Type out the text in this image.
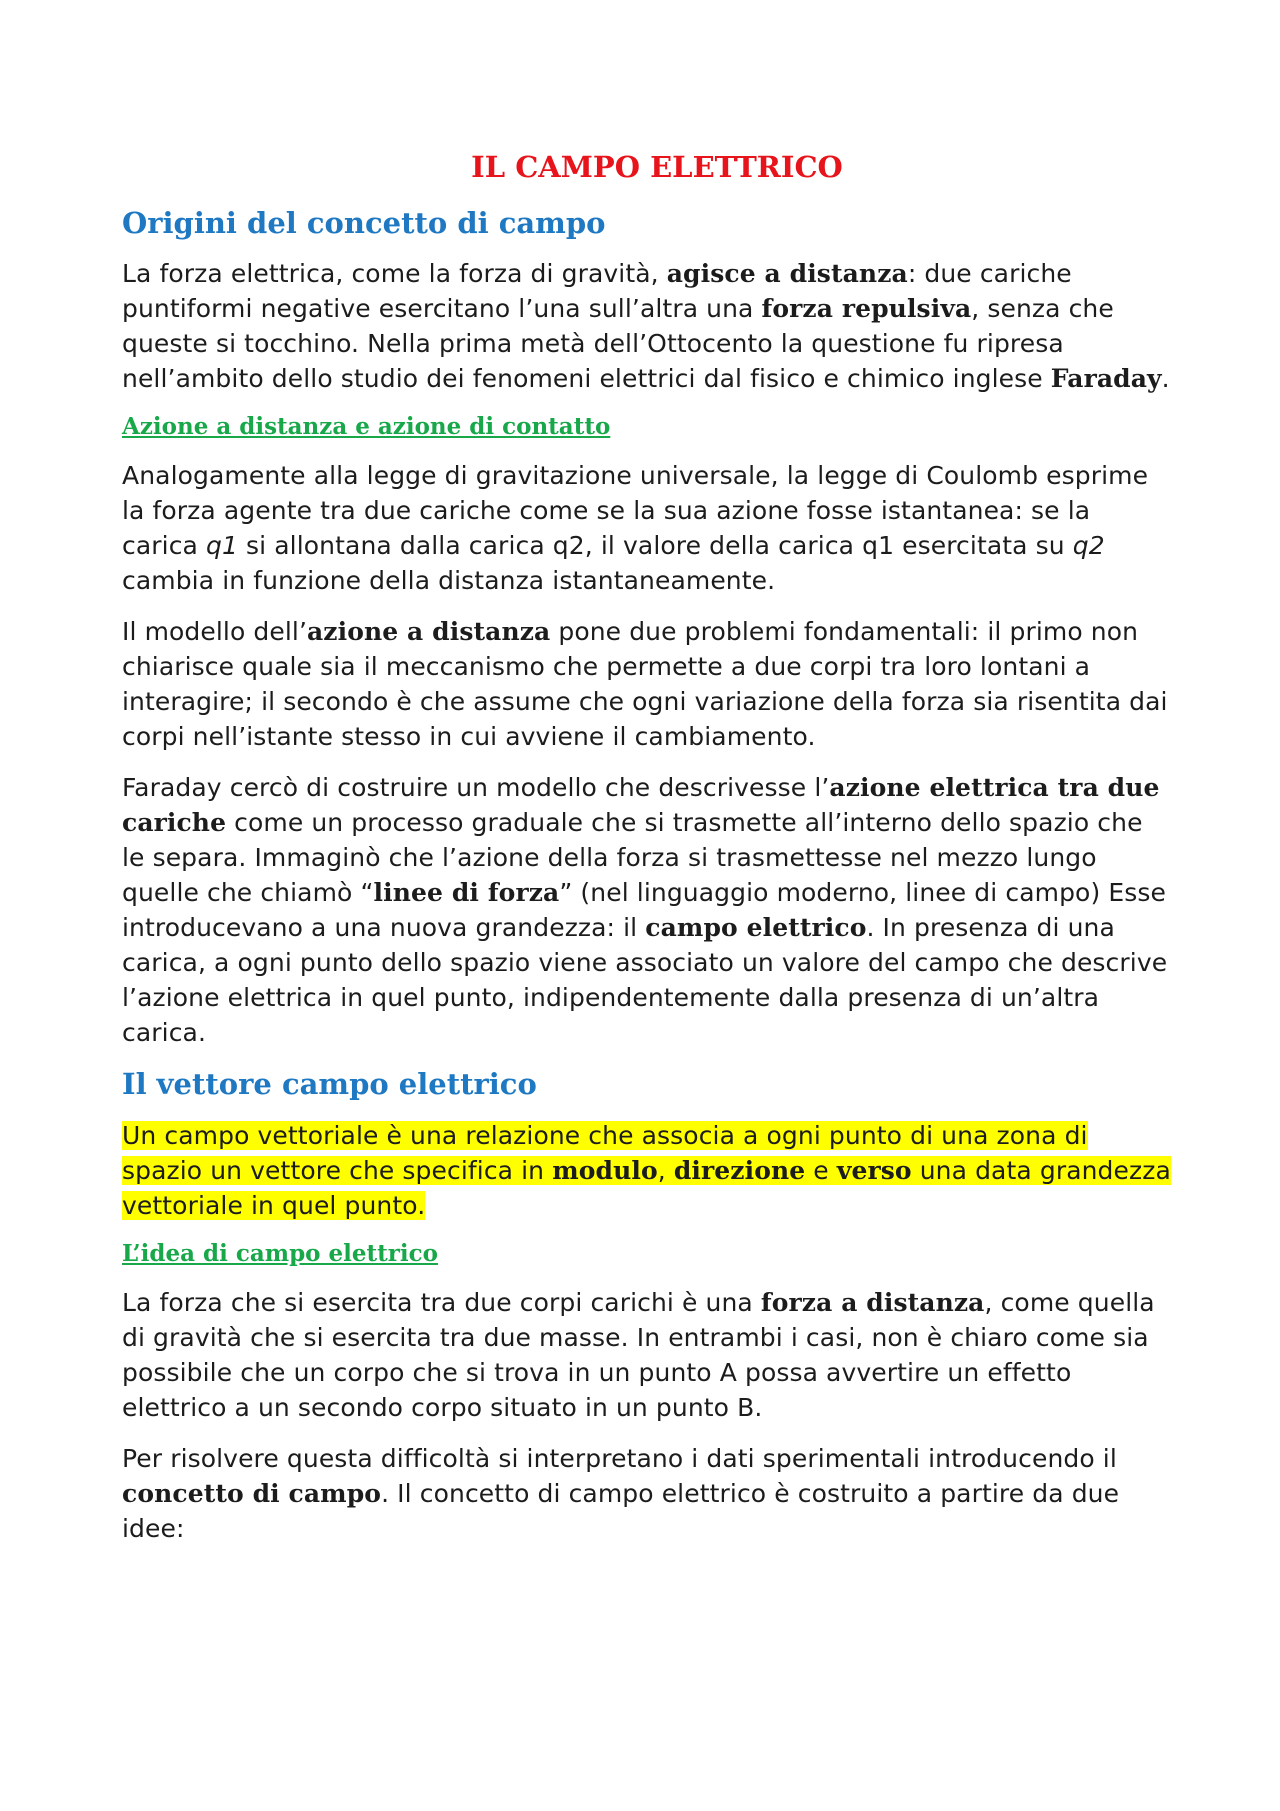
IL CAMPO ELETTRICO
Origini del concetto di campo

La forza elettrica, come la forza di gravità, agisce a distanza: due cariche puntiformi negative esercitano l’una sull’altra una forza repulsiva, senza che queste si tocchino. Nella prima metà dell’Ottocento la questione fu ripresa nell’ambito dello studio dei fenomeni elettrici dal fisico e chimico inglese Faraday.

Azione a distanza e azione di contatto

Analogamente alla legge di gravitazione universale, la legge di Coulomb esprime la forza agente tra due cariche come se la sua azione fosse istantanea: se la carica q1 si allontana dalla carica q2, il valore della carica q1 esercitata su q2 cambia in funzione della distanza istantaneamente.

Il modello dell’azione a distanza pone due problemi fondamentali: il primo non chiarisce quale sia il meccanismo che permette a due corpi tra loro lontani a interagire; il secondo è che assume che ogni variazione della forza sia risentita dai corpi nell’istante stesso in cui avviene il cambiamento.

Faraday cercò di costruire un modello che descrivesse l’azione elettrica tra due cariche come un processo graduale che si trasmette all’interno dello spazio che le separa. Immaginò che l’azione della forza si trasmettesse nel mezzo lungo quelle che chiamò “linee di forza” (nel linguaggio moderno, linee di campo) Esse introducevano a una nuova grandezza: il campo elettrico. In presenza di una carica, a ogni punto dello spazio viene associato un valore del campo che descrive l’azione elettrica in quel punto, indipendentemente dalla presenza di un’altra carica.

Il vettore campo elettrico

Un campo vettoriale è una relazione che associa a ogni punto di una zona di spazio un vettore che specifica in modulo, direzione e verso una data grandezza vettoriale in quel punto.

L’idea di campo elettrico

La forza che si esercita tra due corpi carichi è una forza a distanza, come quella di gravità che si esercita tra due masse. In entrambi i casi, non è chiaro come sia possibile che un corpo che si trova in un punto A possa avvertire un effetto elettrico a un secondo corpo situato in un punto B.

Per risolvere questa difficoltà si interpretano i dati sperimentali introducendo il concetto di campo. Il concetto di campo elettrico è costruito a partire da due idee:
